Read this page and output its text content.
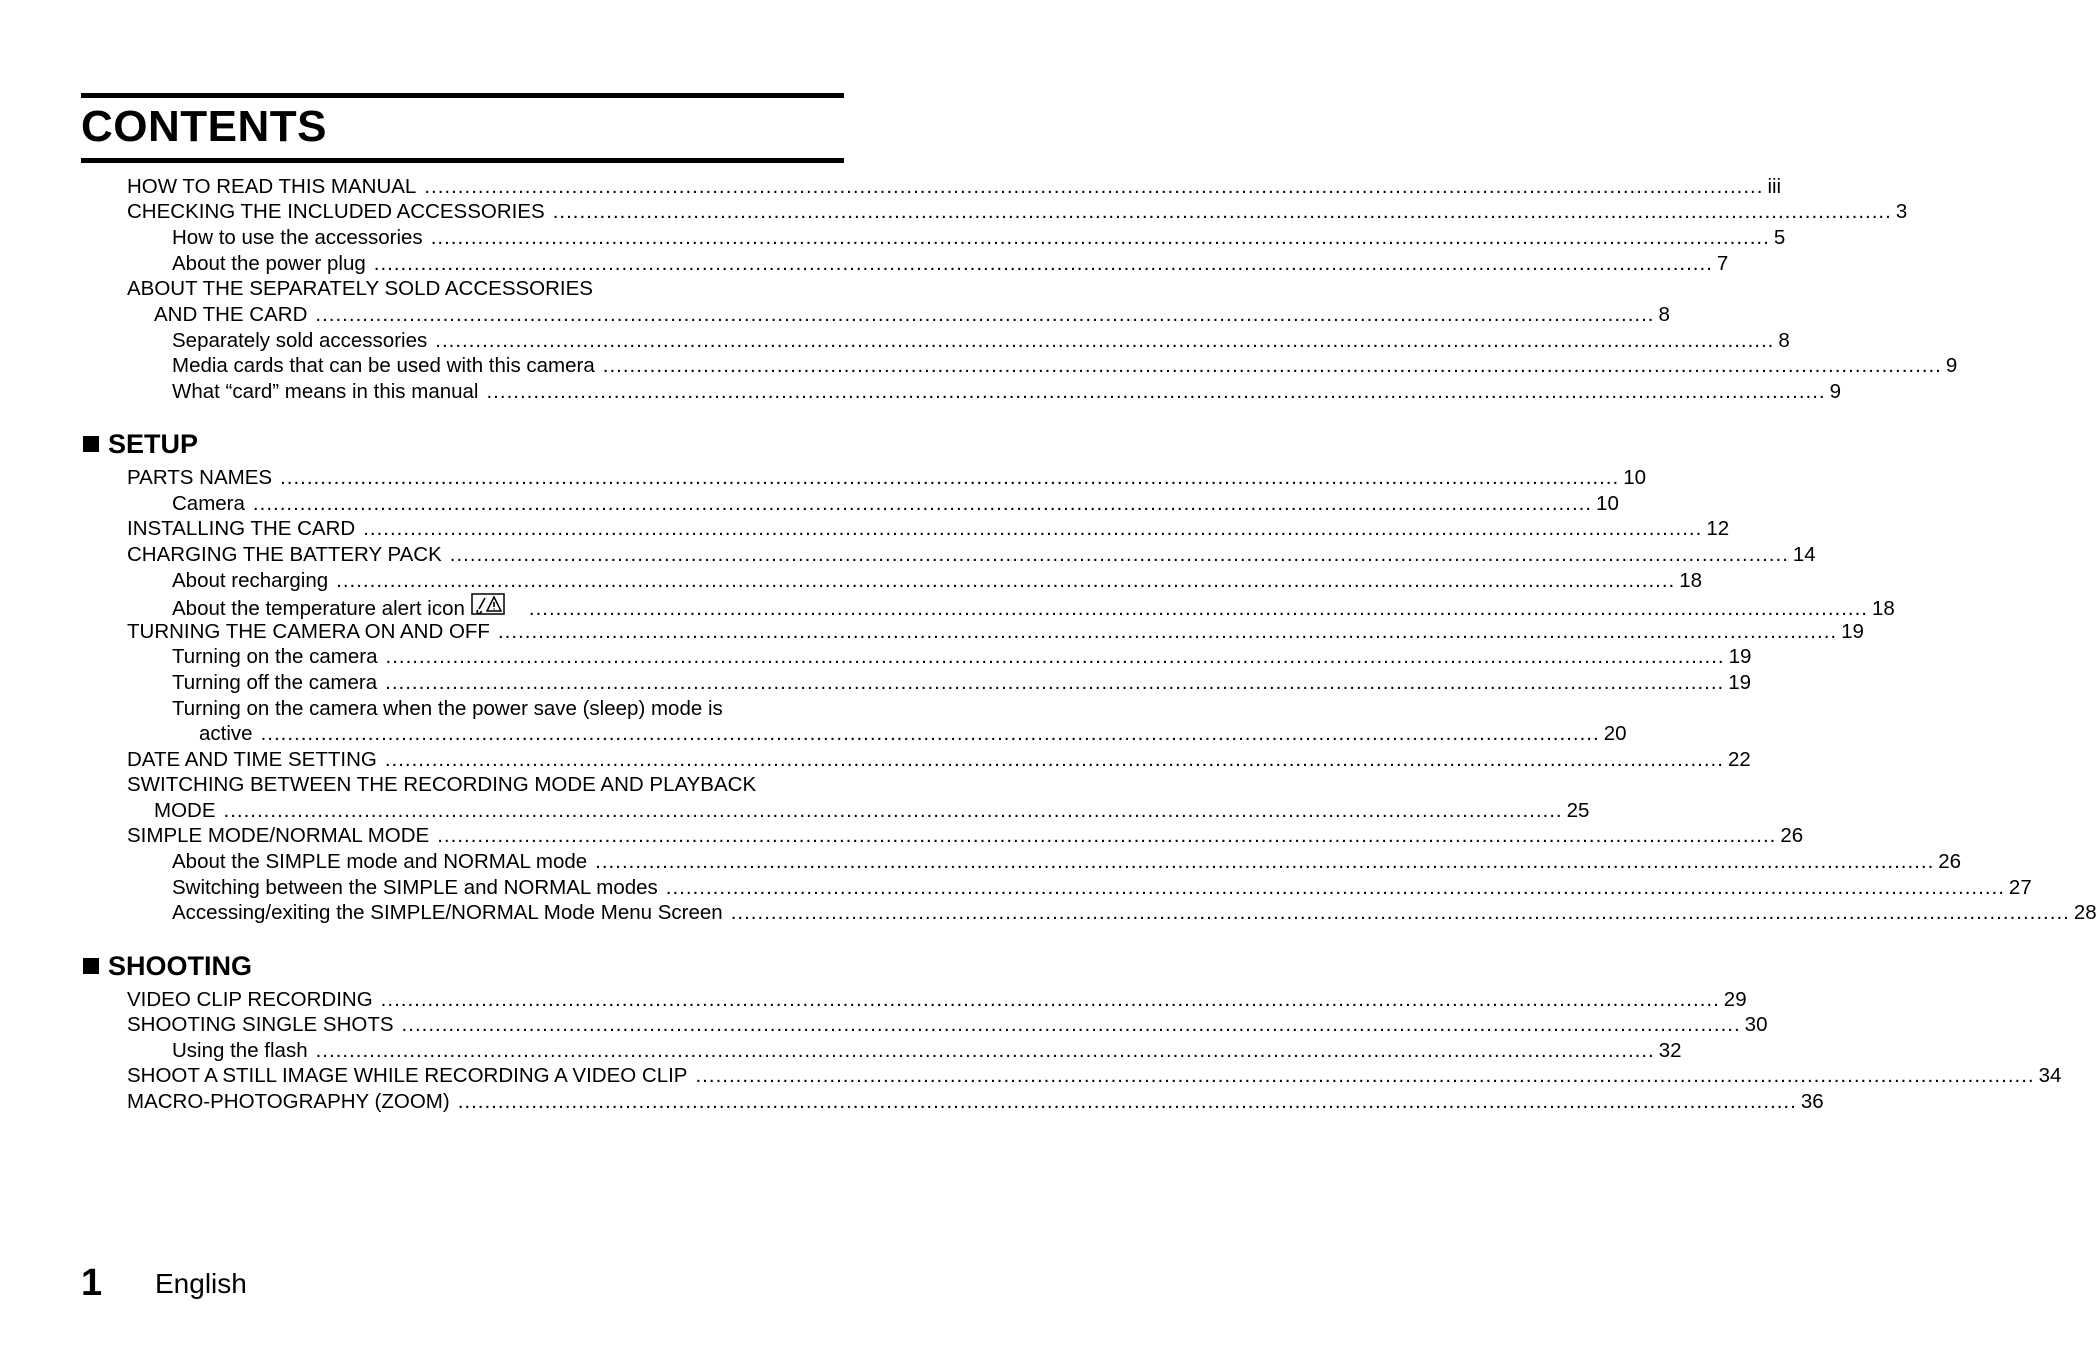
CONTENTS
SETUP
SHOOTING
HOW TO READ THIS MANUAL ........................................................................................................................................................................................................ iii
CHECKING THE INCLUDED ACCESSORIES ........................................................................................................................................................................................................ 3
How to use the accessories ........................................................................................................................................................................................................ 5
About the power plug ........................................................................................................................................................................................................ 7
ABOUT THE SEPARATELY SOLD ACCESSORIES
AND THE CARD ........................................................................................................................................................................................................ 8
Separately sold accessories ........................................................................................................................................................................................................ 8
Media cards that can be used with this camera ........................................................................................................................................................................................................ 9
What “card” means in this manual ........................................................................................................................................................................................................ 9
PARTS NAMES ........................................................................................................................................................................................................ 10
Camera ........................................................................................................................................................................................................ 10
INSTALLING THE CARD ........................................................................................................................................................................................................ 12
CHARGING THE BATTERY PACK ........................................................................................................................................................................................................ 14
About recharging ........................................................................................................................................................................................................ 18
About the temperature alert icon	........................................................................................................................................................................................................ 18
TURNING THE CAMERA ON AND OFF ........................................................................................................................................................................................................ 19
Turning on the camera ........................................................................................................................................................................................................ 19
Turning off the camera ........................................................................................................................................................................................................ 19
Turning on the camera when the power save (sleep) mode is
active ........................................................................................................................................................................................................ 20
DATE AND TIME SETTING ........................................................................................................................................................................................................ 22
SWITCHING BETWEEN THE RECORDING MODE AND PLAYBACK
MODE ........................................................................................................................................................................................................ 25
SIMPLE MODE/NORMAL MODE ........................................................................................................................................................................................................ 26
About the SIMPLE mode and NORMAL mode ........................................................................................................................................................................................................ 26
Switching between the SIMPLE and NORMAL modes ........................................................................................................................................................................................................ 27
Accessing/exiting the SIMPLE/NORMAL Mode Menu Screen ........................................................................................................................................................................................................ 28
VIDEO CLIP RECORDING ........................................................................................................................................................................................................ 29
SHOOTING SINGLE SHOTS ........................................................................................................................................................................................................ 30
Using the flash ........................................................................................................................................................................................................ 32
SHOOT A STILL IMAGE WHILE RECORDING A VIDEO CLIP ........................................................................................................................................................................................................ 34
MACRO-PHOTOGRAPHY (ZOOM) ........................................................................................................................................................................................................ 36
1 English
